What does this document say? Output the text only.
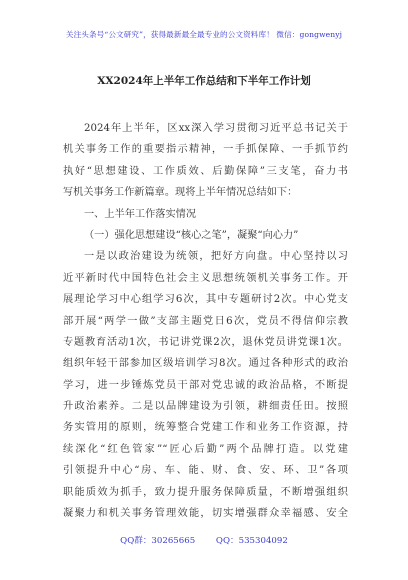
关注头条号“公文研究”，获得最新最全最专业的公文资料库！ 微信：gongwenyj
XX2024年上半年工作总结和下半年工作计划
2024年上半年，区xx深入学习贯彻习近平总书记关于
机关事务工作的重要指示精神，一手抓保障、一手抓节约
执好“思想建设、工作质效、后勤保障”三支笔，奋力书
写机关事务工作新篇章。现将上半年情况总结如下：
一、上半年工作落实情况
（一）强化思想建设“核心之笔”，凝聚“向心力”
一是以政治建设为统领，把好方向盘。中心坚持以习
近平新时代中国特色社会主义思想统领机关事务工作。开
展理论学习中心组学习6次，其中专题研讨2次。中心党支
部开展“两学一做”支部主题党日6次，党员不得信仰宗教
专题教育活动1次，书记讲党课2次，退休党员讲党课1次。
组织年轻干部参加区级培训学习8次。通过各种形式的政治
学习，进一步锤炼党员干部对党忠诚的政治品格，不断提
升政治素养。二是以品牌建设为引领，耕细责任田。按照
务实管用的原则，统筹整合党建工作和业务工作资源，持
续深化“红色管家”“匠心后勤”两个品牌打造。以党建
引领提升中心“房、车、能、财、食、安、环、卫”各项
职能质效为抓手，致力提升服务保障质量，不断增强组织
凝聚力和机关事务管理效能，切实增强群众幸福感、安全
QQ群：30265665 QQ：535304092
